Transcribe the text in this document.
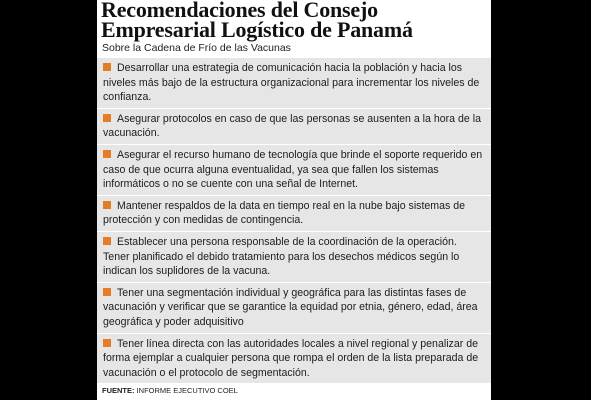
Recomendaciones del Consejo
Empresarial Logístico de Panamá
Sobre la Cadena de Frío de las Vacunas
Desarrollar una estrategia de comunicación hacia la población y hacia los niveles más bajo de la estructura organizacional para incrementar los niveles de confianza.
Asegurar protocolos en caso de que las personas se ausenten a la hora de la vacunación.
Asegurar el recurso humano de tecnología que brinde el soporte requerido en caso de que ocurra alguna eventualidad, ya sea que fallen los sistemas informáticos o no se cuente con una señal de Internet.
Mantener respaldos de la data en tiempo real en la nube bajo sistemas de protección y con medidas de contingencia.
Establecer una persona responsable de la coordinación de la operación. Tener planificado el debido tratamiento para los desechos médicos según lo indican los suplidores de la vacuna.
Tener una segmentación individual y geográfica para las distintas fases de vacunación y verificar que se garantice la equidad por etnia, género, edad, área geográfica y poder adquisitivo
Tener línea directa con las autoridades locales a nivel regional y penalizar de forma ejemplar a cualquier persona que rompa el orden de la lista preparada de vacunación o el protocolo de segmentación.
FUENTE: INFORME EJECUTIVO COEL
